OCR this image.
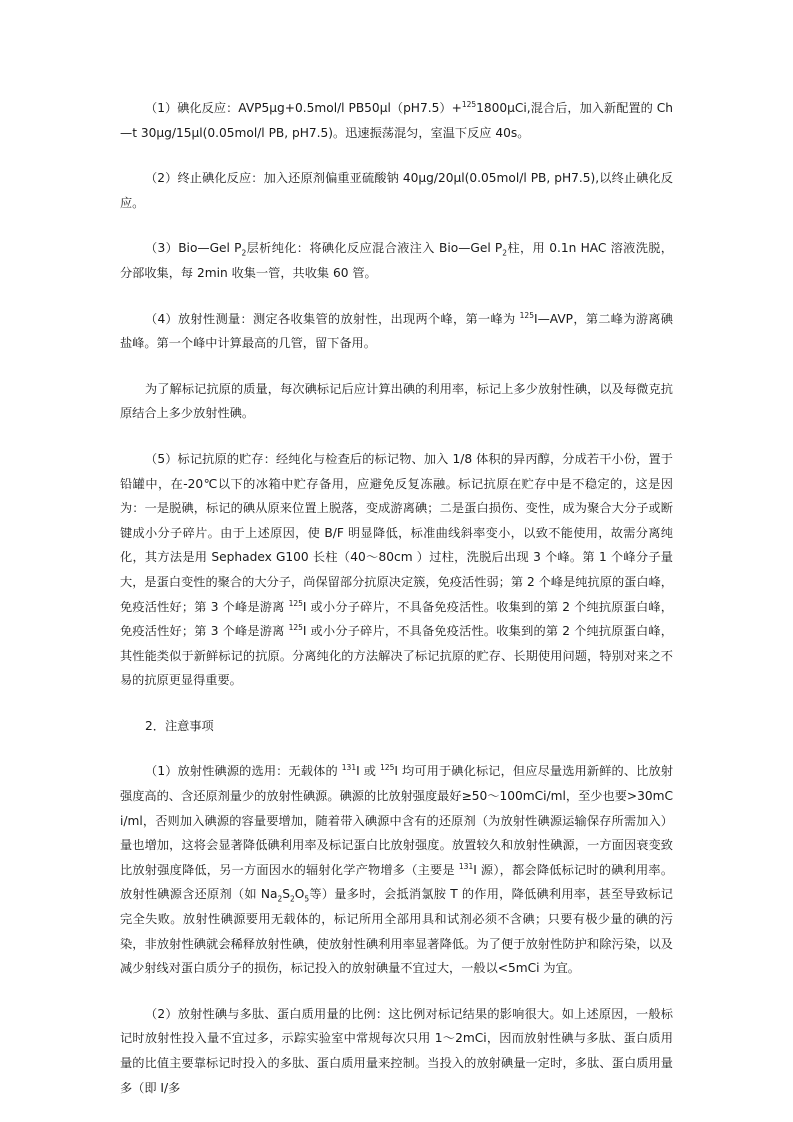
（1）碘化反应：AVP5μg+0.5mol/l PB50μl（pH7.5）+$^{125}$1800μCi,混合后，加入新配置的 Ch—t 30μg/15μl(0.05mol/l PB, pH7.5)。迅速振荡混匀，室温下反应 40s。

（2）终止碘化反应：加入还原剂偏重亚硫酸钠 40μg/20μl(0.05mol/l PB, pH7.5),以终止碘化反应。

（3）Bio—Gel $P_2$层析纯化：将碘化反应混合液注入 Bio—Gel $P_2$柱，用 0.1n HAC 溶液洗脱，分部收集，每 2min 收集一管，共收集 60 管。

（4）放射性测量：测定各收集管的放射性，出现两个峰，第一峰为 $^{125}$I—AVP，第二峰为游离碘盐峰。第一个峰中计算最高的几管，留下备用。

为了解标记抗原的质量，每次碘标记后应计算出碘的利用率，标记上多少放射性碘，以及每微克抗原结合上多少放射性碘。

（5）标记抗原的贮存：经纯化与检查后的标记物、加入 1/8 体积的异丙醇，分成若干小份，置于铅罐中，在-20℃以下的冰箱中贮存备用，应避免反复冻融。标记抗原在贮存中是不稳定的，这是因为：一是脱碘，标记的碘从原来位置上脱落，变成游离碘；二是蛋白损伤、变性，成为聚合大分子或断键成小分子碎片。由于上述原因，使 B/F 明显降低，标准曲线斜率变小，以致不能使用，故需分离纯化，其方法是用 Sephadex G100 长柱（40～80cm ）过柱，洗脱后出现 3 个峰。第 1 个峰分子量大，是蛋白变性的聚合的大分子，尚保留部分抗原决定簇，免疫活性弱；第 2 个峰是纯抗原的蛋白峰，免疫活性好；第 3 个峰是游离 $^{125}$I 或小分子碎片，不具备免疫活性。收集到的第 2 个纯抗原蛋白峰，免疫活性好；第 3 个峰是游离 $^{125}$I 或小分子碎片，不具备免疫活性。收集到的第 2 个纯抗原蛋白峰，其性能类似于新鲜标记的抗原。分离纯化的方法解决了标记抗原的贮存、长期使用问题，特别对来之不易的抗原更显得重要。

2．注意事项

（1）放射性碘源的选用：无载体的 $^{131}$I 或 $^{125}$I 均可用于碘化标记，但应尽量选用新鲜的、比放射强度高的、含还原剂量少的放射性碘源。碘源的比放射强度最好≥50～100mCi/ml，至少也要>30mCi/ml，否则加入碘源的容量要增加，随着带入碘源中含有的还原剂（为放射性碘源运输保存所需加入）量也增加，这将会显著降低碘利用率及标记蛋白比放射强度。放置较久和放射性碘源，一方面因衰变致比放射强度降低，另一方面因水的辐射化学产物增多（主要是 $^{131}$I 源），都会降低标记时的碘利用率。放射性碘源含还原剂（如 $Na_2S_2O_5$等）量多时，会抵消氯胺 T 的作用，降低碘利用率，甚至导致标记完全失败。放射性碘源要用无载体的，标记所用全部用具和试剂必须不含碘；只要有极少量的碘的污染，非放射性碘就会稀释放射性碘，使放射性碘利用率显著降低。为了便于放射性防护和除污染，以及减少射线对蛋白质分子的损伤，标记投入的放射碘量不宜过大，一般以<5mCi 为宜。

（2）放射性碘与多肽、蛋白质用量的比例：这比例对标记结果的影响很大。如上述原因，一般标记时放射性投入量不宜过多，示踪实验室中常规每次只用 1～2mCi，因而放射性碘与多肽、蛋白质用量的比值主要靠标记时投入的多肽、蛋白质用量来控制。当投入的放射碘量一定时，多肽、蛋白质用量多（即 I/多
